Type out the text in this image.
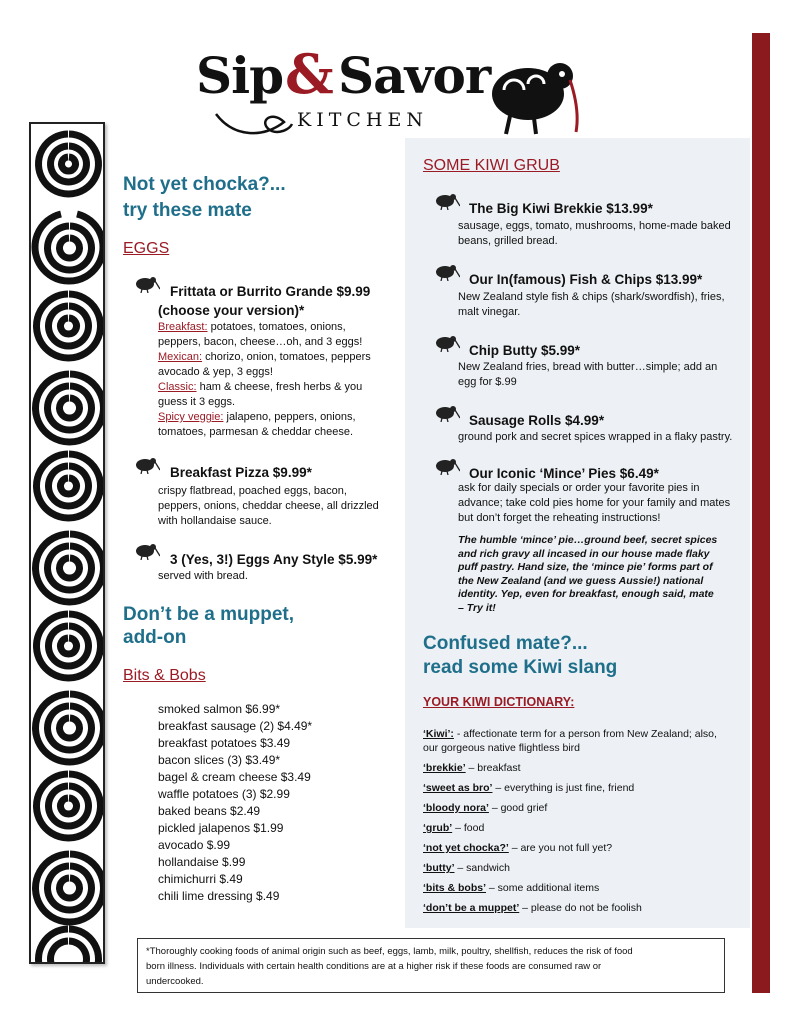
Sip & Savor
KITCHEN
Not yet chocka?...
try these mate
EGGS
Frittata or Burrito Grande $9.99
(choose your version)*
Breakfast: potatoes, tomatoes, onions,
peppers, bacon, cheese…oh, and 3 eggs!
Mexican: chorizo, onion, tomatoes, peppers
avocado & yep, 3 eggs!
Classic: ham & cheese, fresh herbs & you
guess it 3 eggs.
Spicy veggie: jalapeno, peppers, onions,
tomatoes, parmesan & cheddar cheese.
Breakfast Pizza $9.99*
crispy flatbread, poached eggs, bacon,
peppers, onions, cheddar cheese, all drizzled
with hollandaise sauce.
3 (Yes, 3!) Eggs Any Style $5.99*
served with bread.
Don’t be a muppet,
add-on
Bits & Bobs
smoked salmon $6.99*
breakfast sausage (2) $4.49*
breakfast potatoes $3.49
bacon slices (3) $3.49*
bagel & cream cheese $3.49
waffle potatoes (3) $2.99
baked beans $2.49
pickled jalapenos $1.99
avocado $.99
hollandaise $.99
chimichurri $.49
chili lime dressing $.49
SOME KIWI GRUB
The Big Kiwi Brekkie $13.99*
sausage, eggs, tomato, mushrooms, home-made baked
beans, grilled bread.
Our In(famous) Fish & Chips $13.99*
New Zealand style fish & chips (shark/swordfish), fries,
malt vinegar.
Chip Butty $5.99*
New Zealand fries, bread with butter…simple; add an
egg for $.99
Sausage Rolls $4.99*
ground pork and secret spices wrapped in a flaky pastry.
Our Iconic ‘Mince’ Pies $6.49*
ask for daily specials or order your favorite pies in
advance; take cold pies home for your family and mates
but don’t forget the reheating instructions!
The humble ‘mince’ pie…ground beef, secret spices
and rich gravy all incased in our house made flaky
puff pastry. Hand size, the ‘mince pie’ forms part of
the New Zealand (and we guess Aussie!) national
identity. Yep, even for breakfast, enough said, mate
– Try it!
Confused mate?...
read some Kiwi slang
YOUR KIWI DICTIONARY:
‘Kiwi’: - affectionate term for a person from New Zealand; also,
our gorgeous native flightless bird
‘brekkie’ – breakfast
‘sweet as bro’ – everything is just fine, friend
‘bloody nora’ – good grief
‘grub’ – food
‘not yet chocka?’ – are you not full yet?
‘butty’ – sandwich
‘bits & bobs’ – some additional items
‘don’t be a muppet’ – please do not be foolish
*Thoroughly cooking foods of animal origin such as beef, eggs, lamb, milk, poultry, shellfish, reduces the risk of food
born illness. Individuals with certain health conditions are at a higher risk if these foods are consumed raw or
undercooked.
